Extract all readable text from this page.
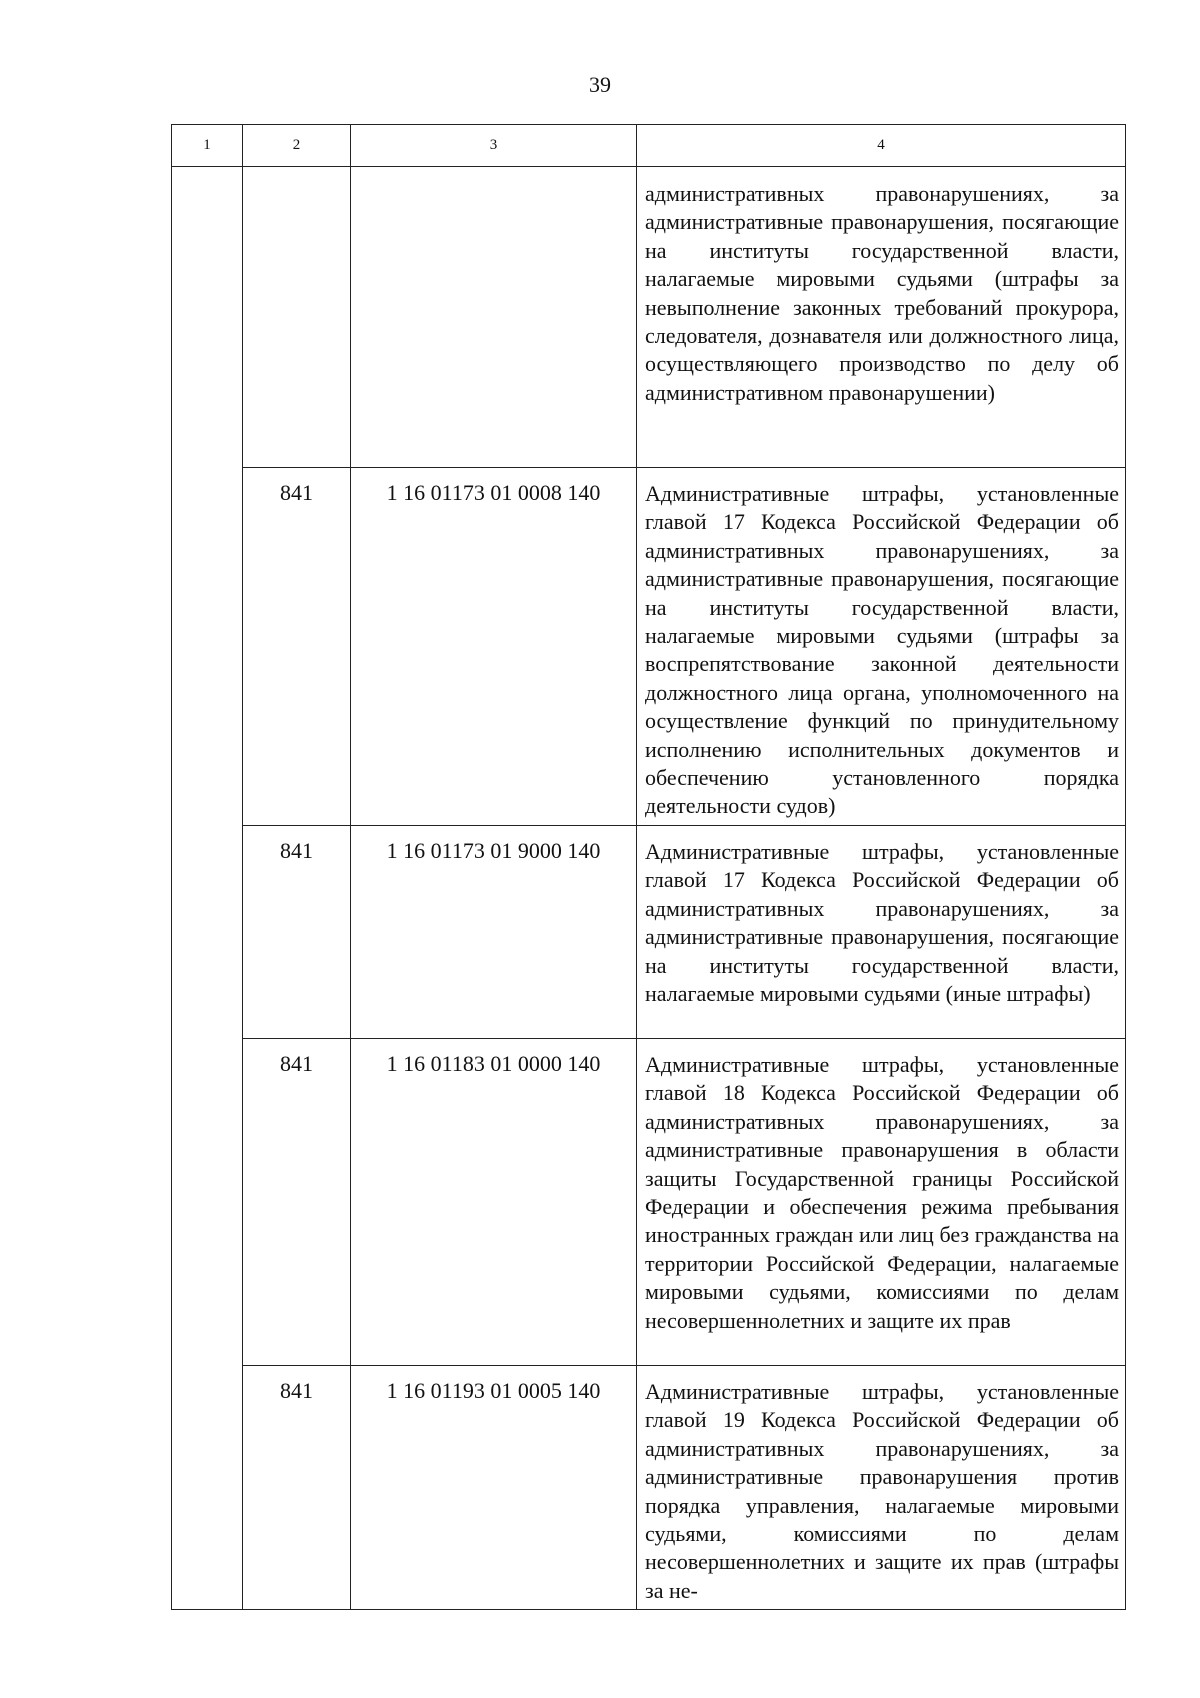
39
1	2	3	4
			административных правонарушениях, за административные правонарушения, посягающие на институты государственной власти, налагаемые мировыми судьями (штрафы за невыполнение законных требований прокурора, следователя, дознавателя или должностного лица, осуществляющего производство по делу об административном правонарушении)
	841	1 16 01173 01 0008 140	Административные штрафы, установленные главой 17 Кодекса Российской Федерации об административных правонарушениях, за административные правонарушения, посягающие на институты государственной власти, налагаемые мировыми судьями (штрафы за воспрепятствование законной деятельности должностного лица органа, уполномоченного на осуществление функций по принудительному исполнению исполнительных документов и обеспечению установленного порядка деятельности судов)
	841	1 16 01173 01 9000 140	Административные штрафы, установленные главой 17 Кодекса Российской Федерации об административных правонарушениях, за административные правонарушения, посягающие на институты государственной власти, налагаемые мировыми судьями (иные штрафы)
	841	1 16 01183 01 0000 140	Административные штрафы, установленные главой 18 Кодекса Российской Федерации об административных правонарушениях, за административные правонарушения в области защиты Государственной границы Российской Федерации и обеспечения режима пребывания иностранных граждан или лиц без гражданства на территории Российской Федерации, налагаемые мировыми судьями, комиссиями по делам несовершеннолетних и защите их прав
	841	1 16 01193 01 0005 140	Административные штрафы, установленные главой 19 Кодекса Российской Федерации об административных правонарушениях, за административные правонарушения против порядка управления, налагаемые мировыми судьями, комиссиями по делам несовершеннолетних и защите их прав (штрафы за не-
